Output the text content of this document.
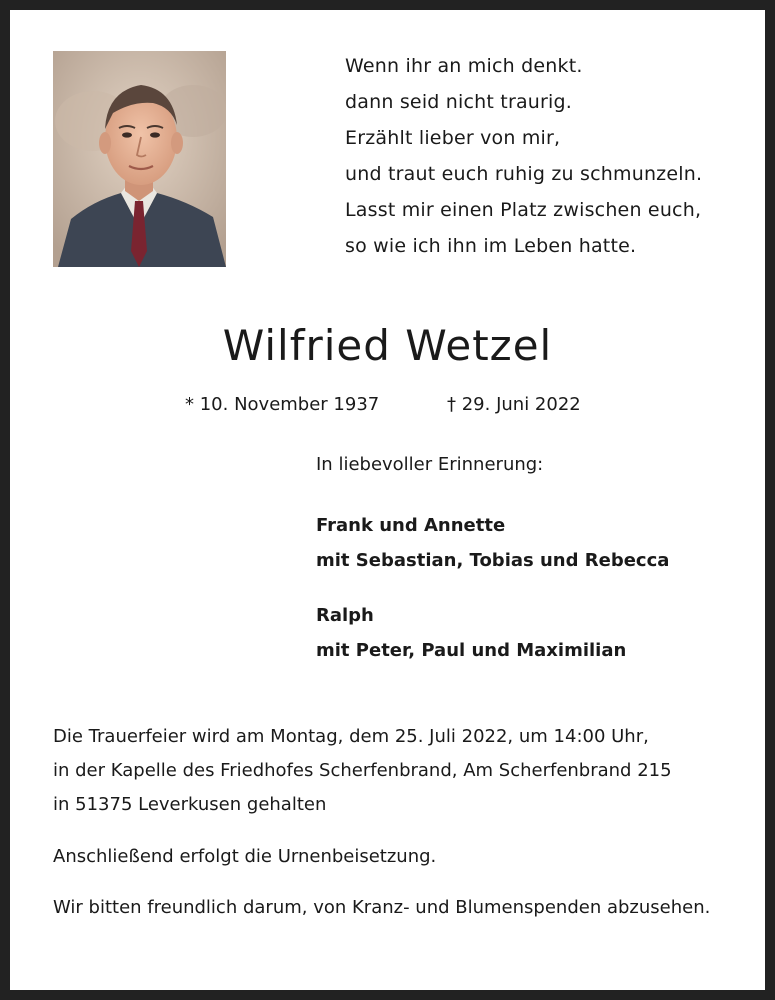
Wenn ihr an mich denkt.
dann seid nicht traurig.
Erzählt lieber von mir,
und traut euch ruhig zu schmunzeln.
Lasst mir einen Platz zwischen euch,
so wie ich ihn im Leben hatte.
Wilfried Wetzel
* 10. November 1937	† 29. Juni 2022
In liebevoller Erinnerung:
Frank und Annette
mit Sebastian, Tobias und Rebecca
Ralph
mit Peter, Paul und Maximilian
Die Trauerfeier wird am Montag, dem 25. Juli 2022, um 14:00 Uhr,
in der Kapelle des Friedhofes Scherfenbrand, Am Scherfenbrand 215
in 51375 Leverkusen gehalten
Anschließend erfolgt die Urnenbeisetzung.
Wir bitten freundlich darum, von Kranz- und Blumenspenden abzusehen.
